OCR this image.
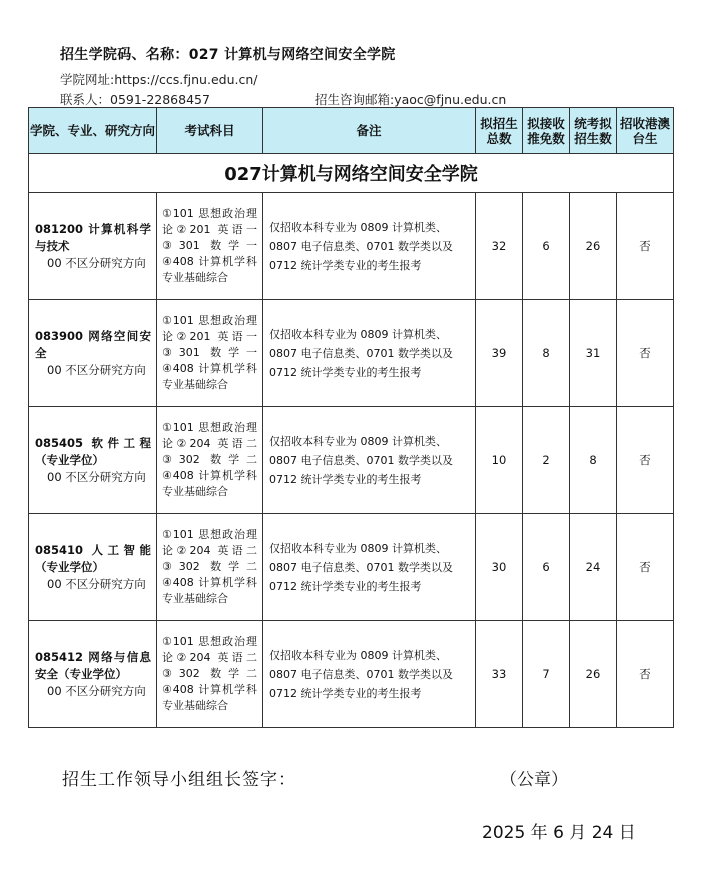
招生学院码、名称：027 计算机与网络空间安全学院
学院网址:https://ccs.fjnu.edu.cn/
联系人：0591-22868457	招生咨询邮箱:yaoc@fjnu.edu.cn
学院、专业、研究方向	考试科目	备注	拟招生总数	拟接收推免数	统考拟招生数	招收港澳台生
027计算机与网络空间安全学院						

081200 计算机科学与技术
00 不区分研究方向	①101 思想政治理论②201 英语一③301 数学一④408 计算机学科专业基础综合	仅招收本科专业为 0809 计算机类、0807 电子信息类、0701 数学类以及 0712 统计学类专业的考生报考	32	6	26	否

083900 网络空间安全
00 不区分研究方向	①101 思想政治理论②201 英语一③301 数学一④408 计算机学科专业基础综合	仅招收本科专业为 0809 计算机类、0807 电子信息类、0701 数学类以及 0712 统计学类专业的考生报考	39	8	31	否

085405 软件工程（专业学位）
00 不区分研究方向	①101 思想政治理论②204 英语二③302 数学二④408 计算机学科专业基础综合	仅招收本科专业为 0809 计算机类、0807 电子信息类、0701 数学类以及 0712 统计学类专业的考生报考	10	2	8	否

085410 人工智能（专业学位）
00 不区分研究方向	①101 思想政治理论②204 英语二③302 数学二④408 计算机学科专业基础综合	仅招收本科专业为 0809 计算机类、0807 电子信息类、0701 数学类以及 0712 统计学类专业的考生报考	30	6	24	否

085412 网络与信息安全（专业学位）
00 不区分研究方向	①101 思想政治理论②204 英语二③302 数学二④408 计算机学科专业基础综合	仅招收本科专业为 0809 计算机类、0807 电子信息类、0701 数学类以及 0712 统计学类专业的考生报考	33	7	26	否
招生工作领导小组组长签字：	（公章）
2025 年 6 月 24 日
